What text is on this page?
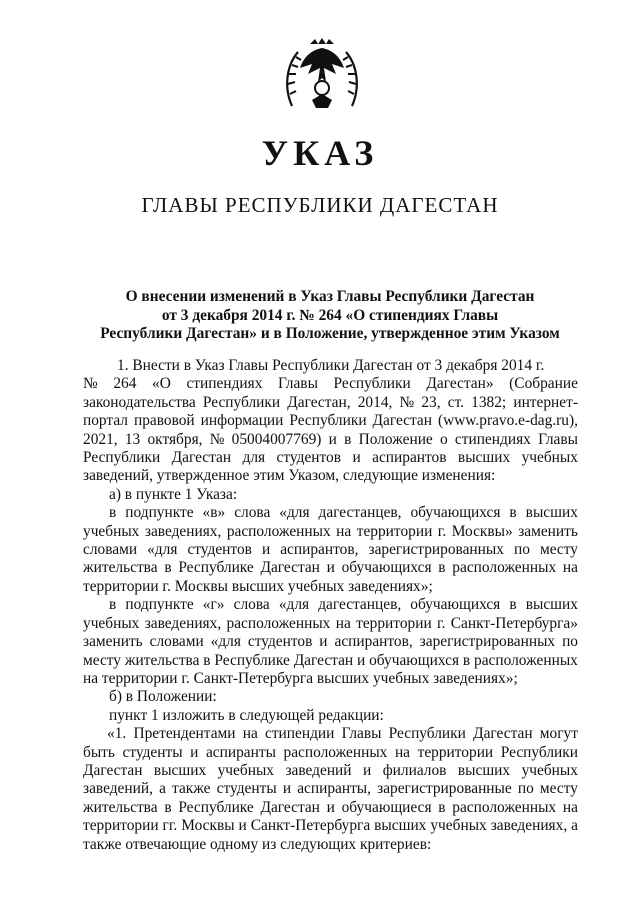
УКАЗ
ГЛАВЫ РЕСПУБЛИКИ ДАГЕСТАН
О внесении изменений в Указ Главы Республики Дагестан
от 3 декабря 2014 г. № 264 «О стипендиях Главы
Республики Дагестан» и в Положение, утвержденное этим Указом
1. Внести в Указ Главы Республики Дагестан от 3 декабря 2014 г.
№ 264 «О стипендиях Главы Республики Дагестан» (Собрание
законодательства Республики Дагестан, 2014, № 23, ст. 1382; интернет-
портал правовой информации Республики Дагестан (www.pravo.e-dag.ru),
2021, 13 октября, № 05004007769) и в Положение о стипендиях Главы
Республики Дагестан для студентов и аспирантов высших учебных
заведений, утвержденное этим Указом, следующие изменения:
а) в пункте 1 Указа:
в подпункте «в» слова «для дагестанцев, обучающихся в высших
учебных заведениях, расположенных на территории г. Москвы» заменить
словами «для студентов и аспирантов, зарегистрированных по месту
жительства в Республике Дагестан и обучающихся в расположенных на
территории г. Москвы высших учебных заведениях»;
в подпункте «г» слова «для дагестанцев, обучающихся в высших
учебных заведениях, расположенных на территории г. Санкт-Петербурга»
заменить словами «для студентов и аспирантов, зарегистрированных по
месту жительства в Республике Дагестан и обучающихся в расположенных
на территории г. Санкт-Петербурга высших учебных заведениях»;
б) в Положении:
пункт 1 изложить в следующей редакции:
«1. Претендентами на стипендии Главы Республики Дагестан могут
быть студенты и аспиранты расположенных на территории Республики
Дагестан высших учебных заведений и филиалов высших учебных
заведений, а также студенты и аспиранты, зарегистрированные по месту
жительства в Республике Дагестан и обучающиеся в расположенных на
территории гг. Москвы и Санкт-Петербурга высших учебных заведениях, а
также отвечающие одному из следующих критериев:
